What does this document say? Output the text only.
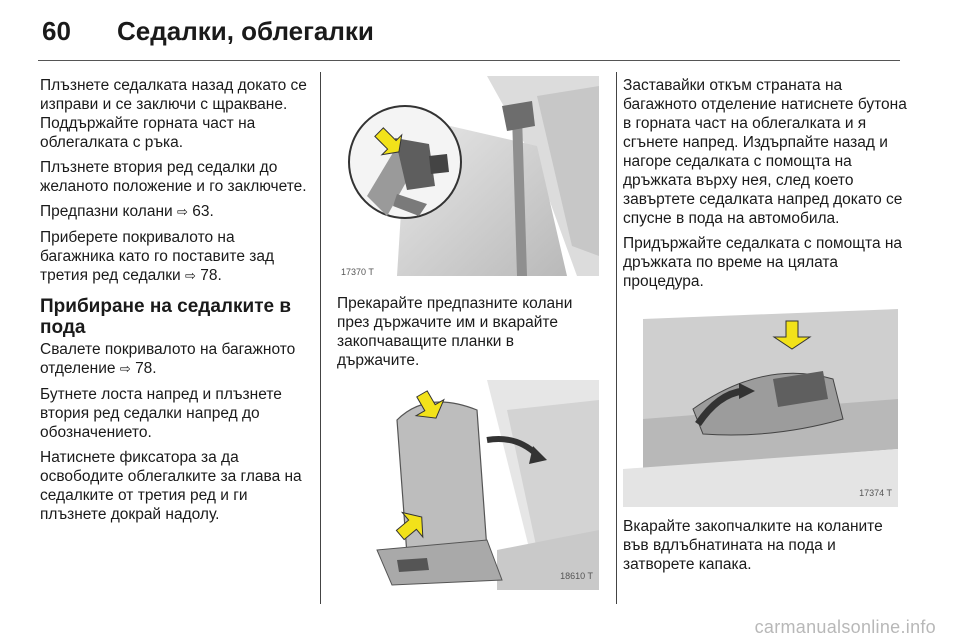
60 Седалки, облегалки

Плъзнете седалката назад докато се изправи и се заключи с щракване. Поддържайте горната част на облегалката с ръка.

Плъзнете втория ред седалки до желаното положение и го заключете.

Предпазни колани ⇨ 63.

Приберете покривалото на багажника като го поставите зад третия ред седалки ⇨ 78.

Прибиране на седалките в пода

Свалете покривалото на багажното отделение ⇨ 78.

Бутнете лоста напред и плъзнете втория ред седалки напред до обозначението.

Натиснете фиксатора за да освободите облегалките за глава на седалките от третия ред и ги плъзнете докрай надолу.

17370 T

Прекарайте предпазните колани през държачите им и вкарайте закопчаващите планки в държачите.

18610 T

Заставайки откъм страната на багажното отделение натиснете бутона в горната част на облегалката и я сгънете напред. Издърпайте назад и нагоре седалката с помощта на дръжката върху нея, след което завъртете седалката напред докато се спусне в пода на автомобила.

Придържайте седалката с помощта на дръжката по време на цялата процедура.

17374 T

Вкарайте закопчалките на коланите във вдлъбнатината на пода и затворете капака.

carmanualsonline.info
